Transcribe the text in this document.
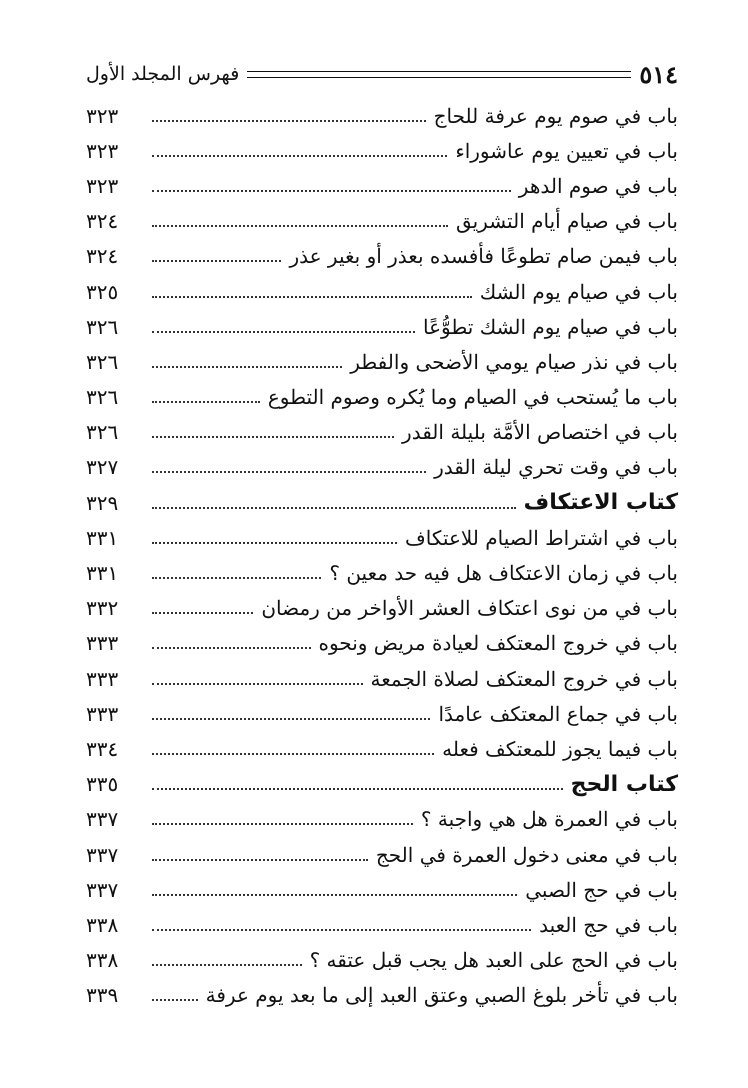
٥١٤
فهرس المجلد الأول
باب في صوم يوم عرفة للحاج
٣٢٣
باب في تعيين يوم عاشوراء
٣٢٣
باب في صوم الدهر
٣٢٣
باب في صيام أيام التشريق
٣٢٤
باب فيمن صام تطوعًا فأفسده بعذر أو بغير عذر
٣٢٤
باب في صيام يوم الشك
٣٢٥
باب في صيام يوم الشك تطوُّعًا
٣٢٦
باب في نذر صيام يومي الأضحى والفطر
٣٢٦
باب ما يُستحب في الصيام وما يُكره وصوم التطوع
٣٢٦
باب في اختصاص الأمَّة بليلة القدر
٣٢٦
باب في وقت تحري ليلة القدر
٣٢٧
كتاب الاعتكاف
٣٢٩
باب في اشتراط الصيام للاعتكاف
٣٣١
باب في زمان الاعتكاف هل فيه حد معين ؟
٣٣١
باب في من نوى اعتكاف العشر الأواخر من رمضان
٣٣٢
باب في خروج المعتكف لعيادة مريض ونحوه
٣٣٣
باب في خروج المعتكف لصلاة الجمعة
٣٣٣
باب في جماع المعتكف عامدًا
٣٣٣
باب فيما يجوز للمعتكف فعله
٣٣٤
كتاب الحج
٣٣٥
باب في العمرة هل هي واجبة ؟
٣٣٧
باب في معنى دخول العمرة في الحج
٣٣٧
باب في حج الصبي
٣٣٧
باب في حج العبد
٣٣٨
باب في الحج على العبد هل يجب قبل عتقه ؟
٣٣٨
باب في تأخر بلوغ الصبي وعتق العبد إلى ما بعد يوم عرفة
٣٣٩
